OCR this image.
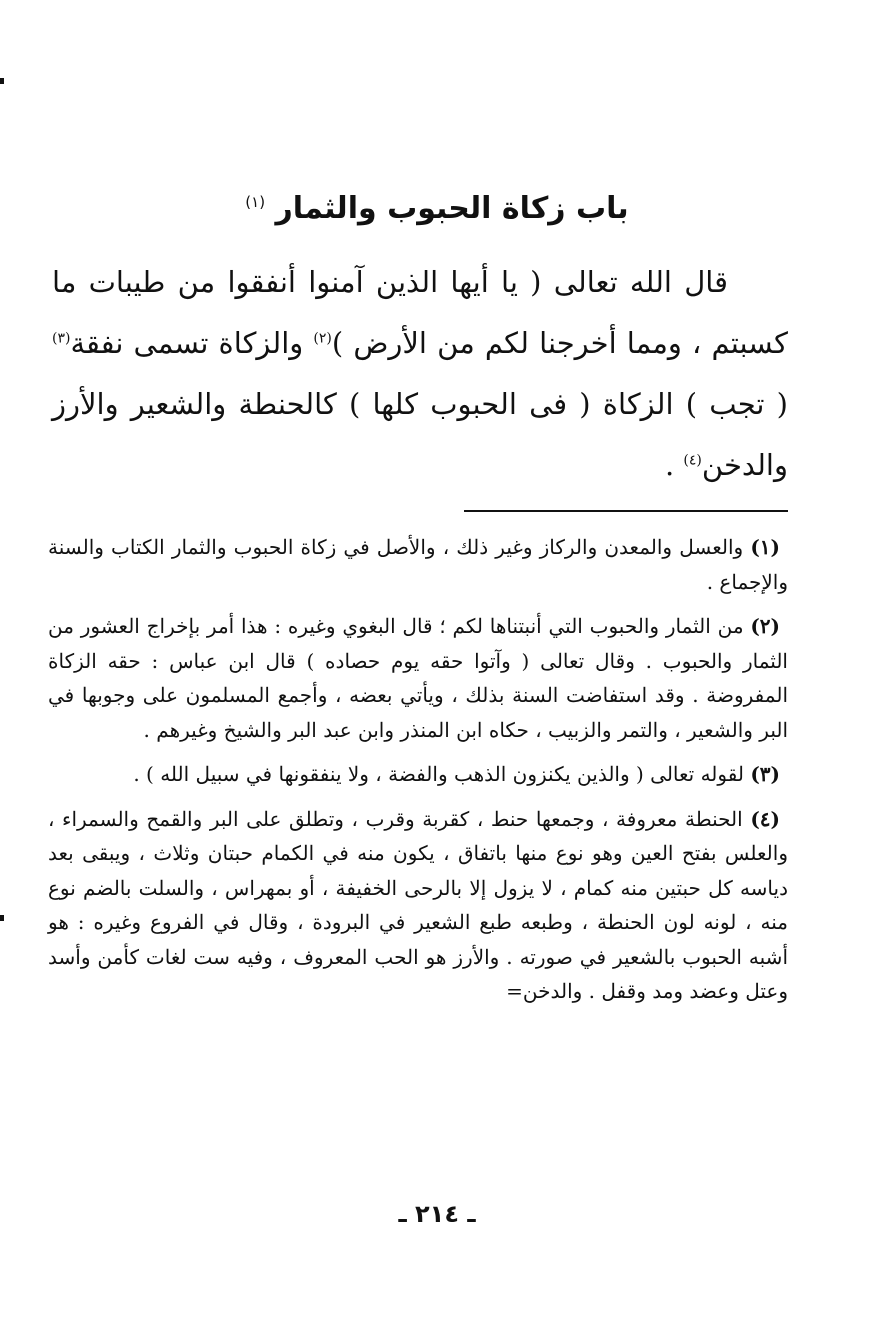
باب زكاة الحبوب والثمار $^{(١)}$

قال الله تعالى ( يا أيها الذين آمنوا أنفقوا من طيبات ما كسبتم ، ومما أخرجنا لكم من الأرض )$^{(٢)}$ والزكاة تسمى نفقة$^{(٣)}$ ( تجب ) الزكاة ( فى الحبوب كلها ) كالحنطة والشعير والأرز والدخن$^{(٤)}$ .

(١) والعسل والمعدن والركاز وغير ذلك ، والأصل في زكاة الحبوب والثمار الكتاب والسنة والإجماع .

(٢) من الثمار والحبوب التي أنبتناها لكم ؛ قال البغوي وغيره : هذا أمر بإخراج العشور من الثمار والحبوب . وقال تعالى ( وآتوا حقه يوم حصاده ) قال ابن عباس : حقه الزكاة المفروضة . وقد استفاضت السنة بذلك ، ويأتي بعضه ، وأجمع المسلمون على وجوبها في البر والشعير ، والتمر والزبيب ، حكاه ابن المنذر وابن عبد البر والشيخ وغيرهم .

(٣) لقوله تعالى ( والذين يكنزون الذهب والفضة ، ولا ينفقونها في سبيل الله ) .

(٤) الحنطة معروفة ، وجمعها حنط ، كقربة وقرب ، وتطلق على البر والقمح والسمراء ، والعلس بفتح العين وهو نوع منها باتفاق ، يكون منه في الكمام حبتان وثلاث ، ويبقى بعد دياسه كل حبتين منه كمام ، لا يزول إلا بالرحى الخفيفة ، أو بمهراس ، والسلت بالضم نوع منه ، لونه لون الحنطة ، وطبعه طبع الشعير في البرودة ، وقال في الفروع وغيره : هو أشبه الحبوب بالشعير في صورته . والأرز هو الحب المعروف ، وفيه ست لغات كأمن وأسد وعتل وعضد ومد وقفل . والدخن=

ـ ٢١٤ ـ
